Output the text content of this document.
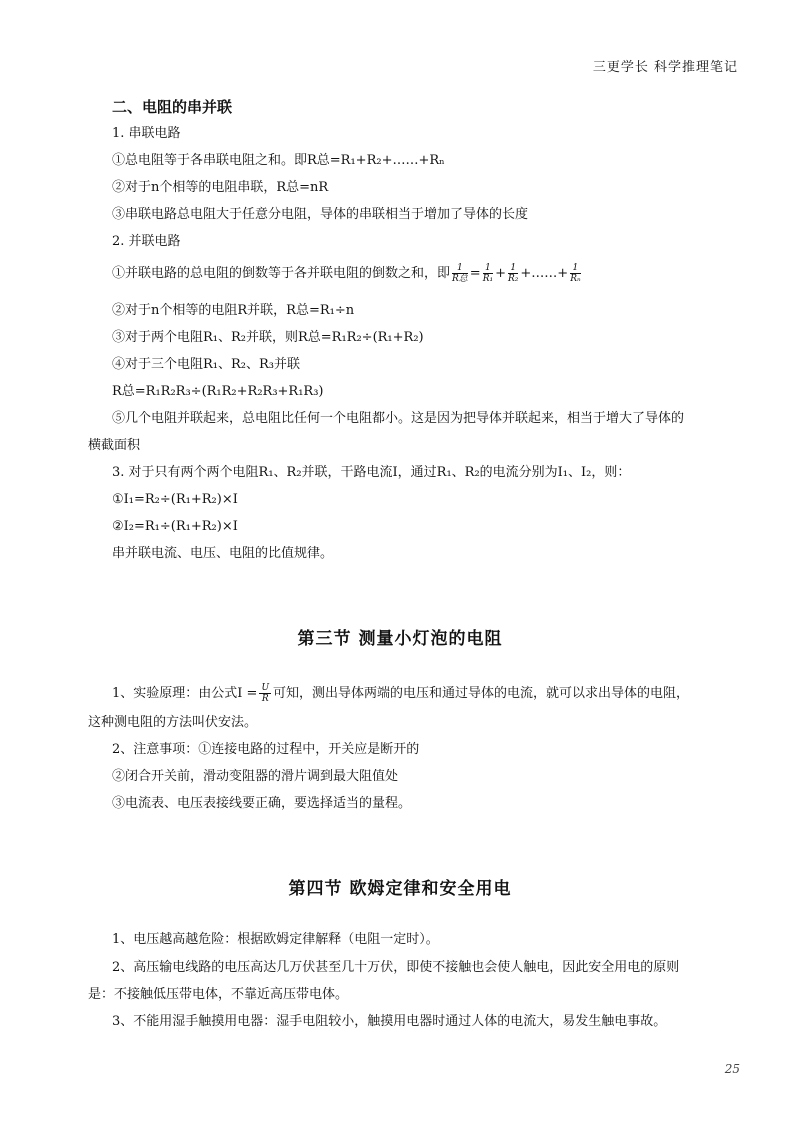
三更学长 科学推理笔记
二、电阻的串并联
1. 串联电路
①总电阻等于各串联电阻之和。即R总=R₁+R₂+……+Rₙ
②对于n个相等的电阻串联，R总=nR
③串联电路总电阻大于任意分电阻，导体的串联相当于增加了导体的长度
2. 并联电路
①并联电路的总电阻的倒数等于各并联电阻的倒数之和，即 $\frac{1}{\text{R总}} = \frac{1}{\text{R₁}} + \frac{1}{\text{R₂}}$ +……+ $\frac{1}{\text{Rₙ}}$
②对于n个相等的电阻R并联，R总=R₁÷n
③对于两个电阻R₁、R₂并联，则R总=R₁R₂÷(R₁+R₂)
④对于三个电阻R₁、R₂、R₃并联
R总=R₁R₂R₃÷(R₁R₂+R₂R₃+R₁R₃)
⑤几个电阻并联起来，总电阻比任何一个电阻都小。这是因为把导体并联起来，相当于增大了导体的
横截面积
3. 对于只有两个两个电阻R₁、R₂并联，干路电流I，通过R₁、R₂的电流分别为I₁、I₂，则：
①I₁=R₂÷(R₁+R₂)×I
②I₂=R₁÷(R₁+R₂)×I
串并联电流、电压、电阻的比值规律。
第三节 测量小灯泡的电阻
1、实验原理：由公式$I = \frac{U}{R}$ 可知，测出导体两端的电压和通过导体的电流，就可以求出导体的电阻，
这种测电阻的方法叫伏安法。
2、注意事项：①连接电路的过程中，开关应是断开的
②闭合开关前，滑动变阻器的滑片调到最大阻值处
③电流表、电压表接线要正确，要选择适当的量程。
第四节 欧姆定律和安全用电
1、电压越高越危险：根据欧姆定律解释（电阻一定时）。
2、高压输电线路的电压高达几万伏甚至几十万伏，即使不接触也会使人触电，因此安全用电的原则
是：不接触低压带电体，不靠近高压带电体。
3、不能用湿手触摸用电器：湿手电阻较小，触摸用电器时通过人体的电流大，易发生触电事故。
25
